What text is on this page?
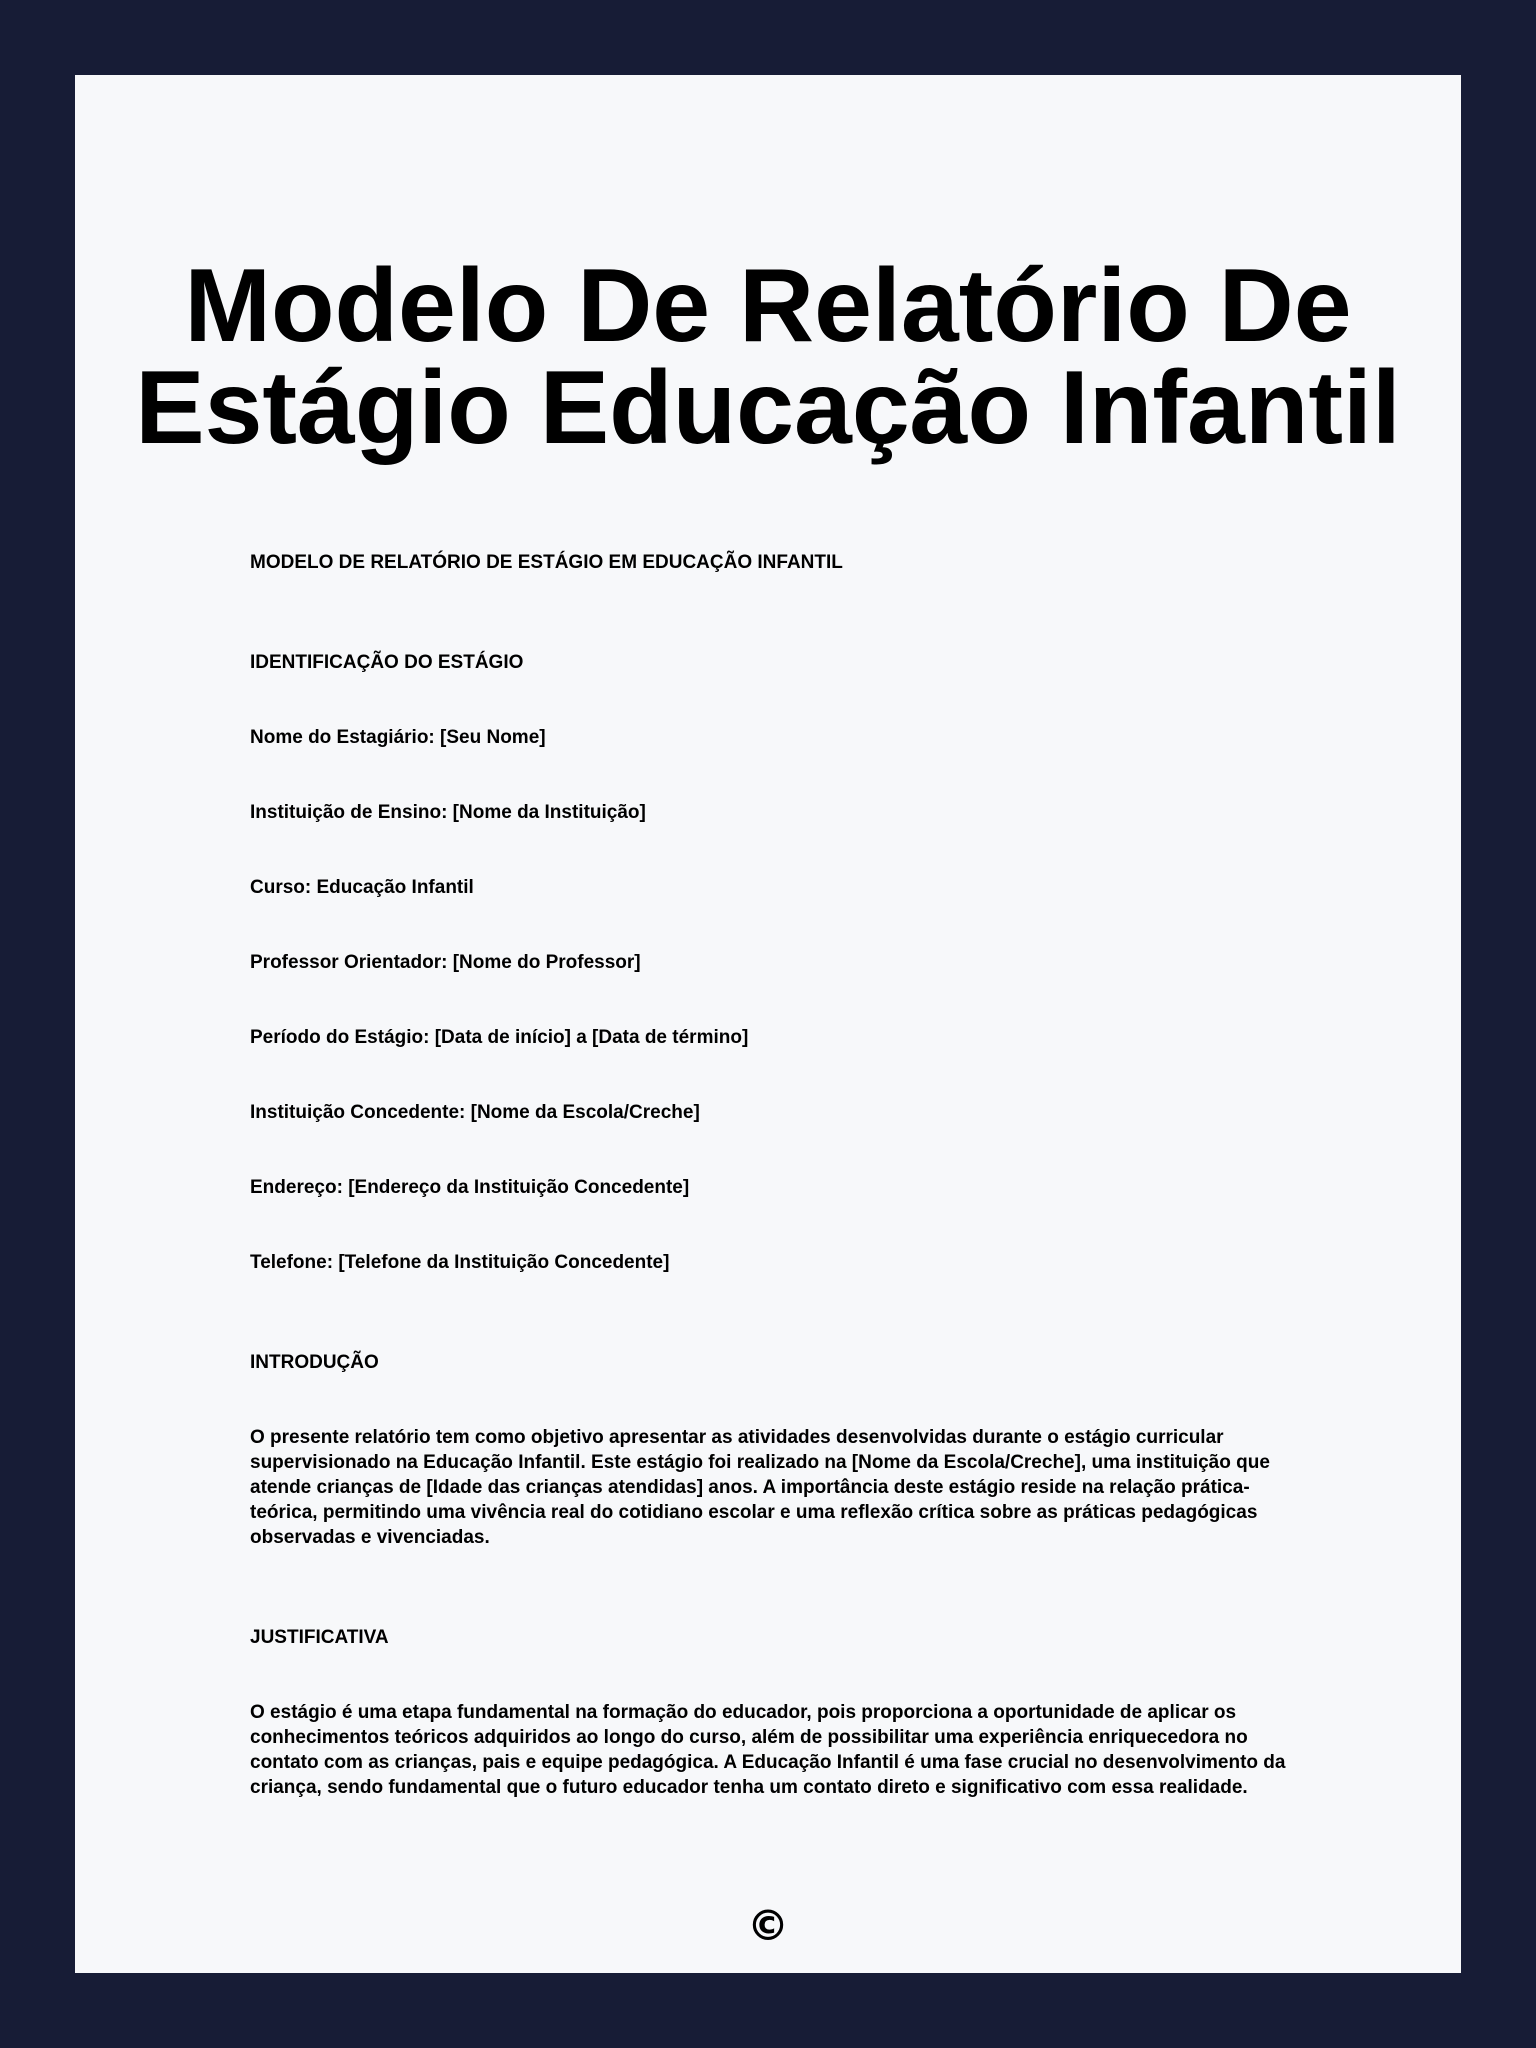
Modelo De Relatório De
Estágio Educação Infantil

MODELO DE RELATÓRIO DE ESTÁGIO EM EDUCAÇÃO INFANTIL

IDENTIFICAÇÃO DO ESTÁGIO

Nome do Estagiário: [Seu Nome]

Instituição de Ensino: [Nome da Instituição]

Curso: Educação Infantil

Professor Orientador: [Nome do Professor]

Período do Estágio: [Data de início] a [Data de término]

Instituição Concedente: [Nome da Escola/Creche]

Endereço: [Endereço da Instituição Concedente]

Telefone: [Telefone da Instituição Concedente]

INTRODUÇÃO

O presente relatório tem como objetivo apresentar as atividades desenvolvidas durante o estágio curricular supervisionado na Educação Infantil. Este estágio foi realizado na [Nome da Escola/Creche], uma instituição que atende crianças de [Idade das crianças atendidas] anos. A importância deste estágio reside na relação prática-teórica, permitindo uma vivência real do cotidiano escolar e uma reflexão crítica sobre as práticas pedagógicas observadas e vivenciadas.

JUSTIFICATIVA

O estágio é uma etapa fundamental na formação do educador, pois proporciona a oportunidade de aplicar os conhecimentos teóricos adquiridos ao longo do curso, além de possibilitar uma experiência enriquecedora no contato com as crianças, pais e equipe pedagógica. A Educação Infantil é uma fase crucial no desenvolvimento da criança, sendo fundamental que o futuro educador tenha um contato direto e significativo com essa realidade.

©
